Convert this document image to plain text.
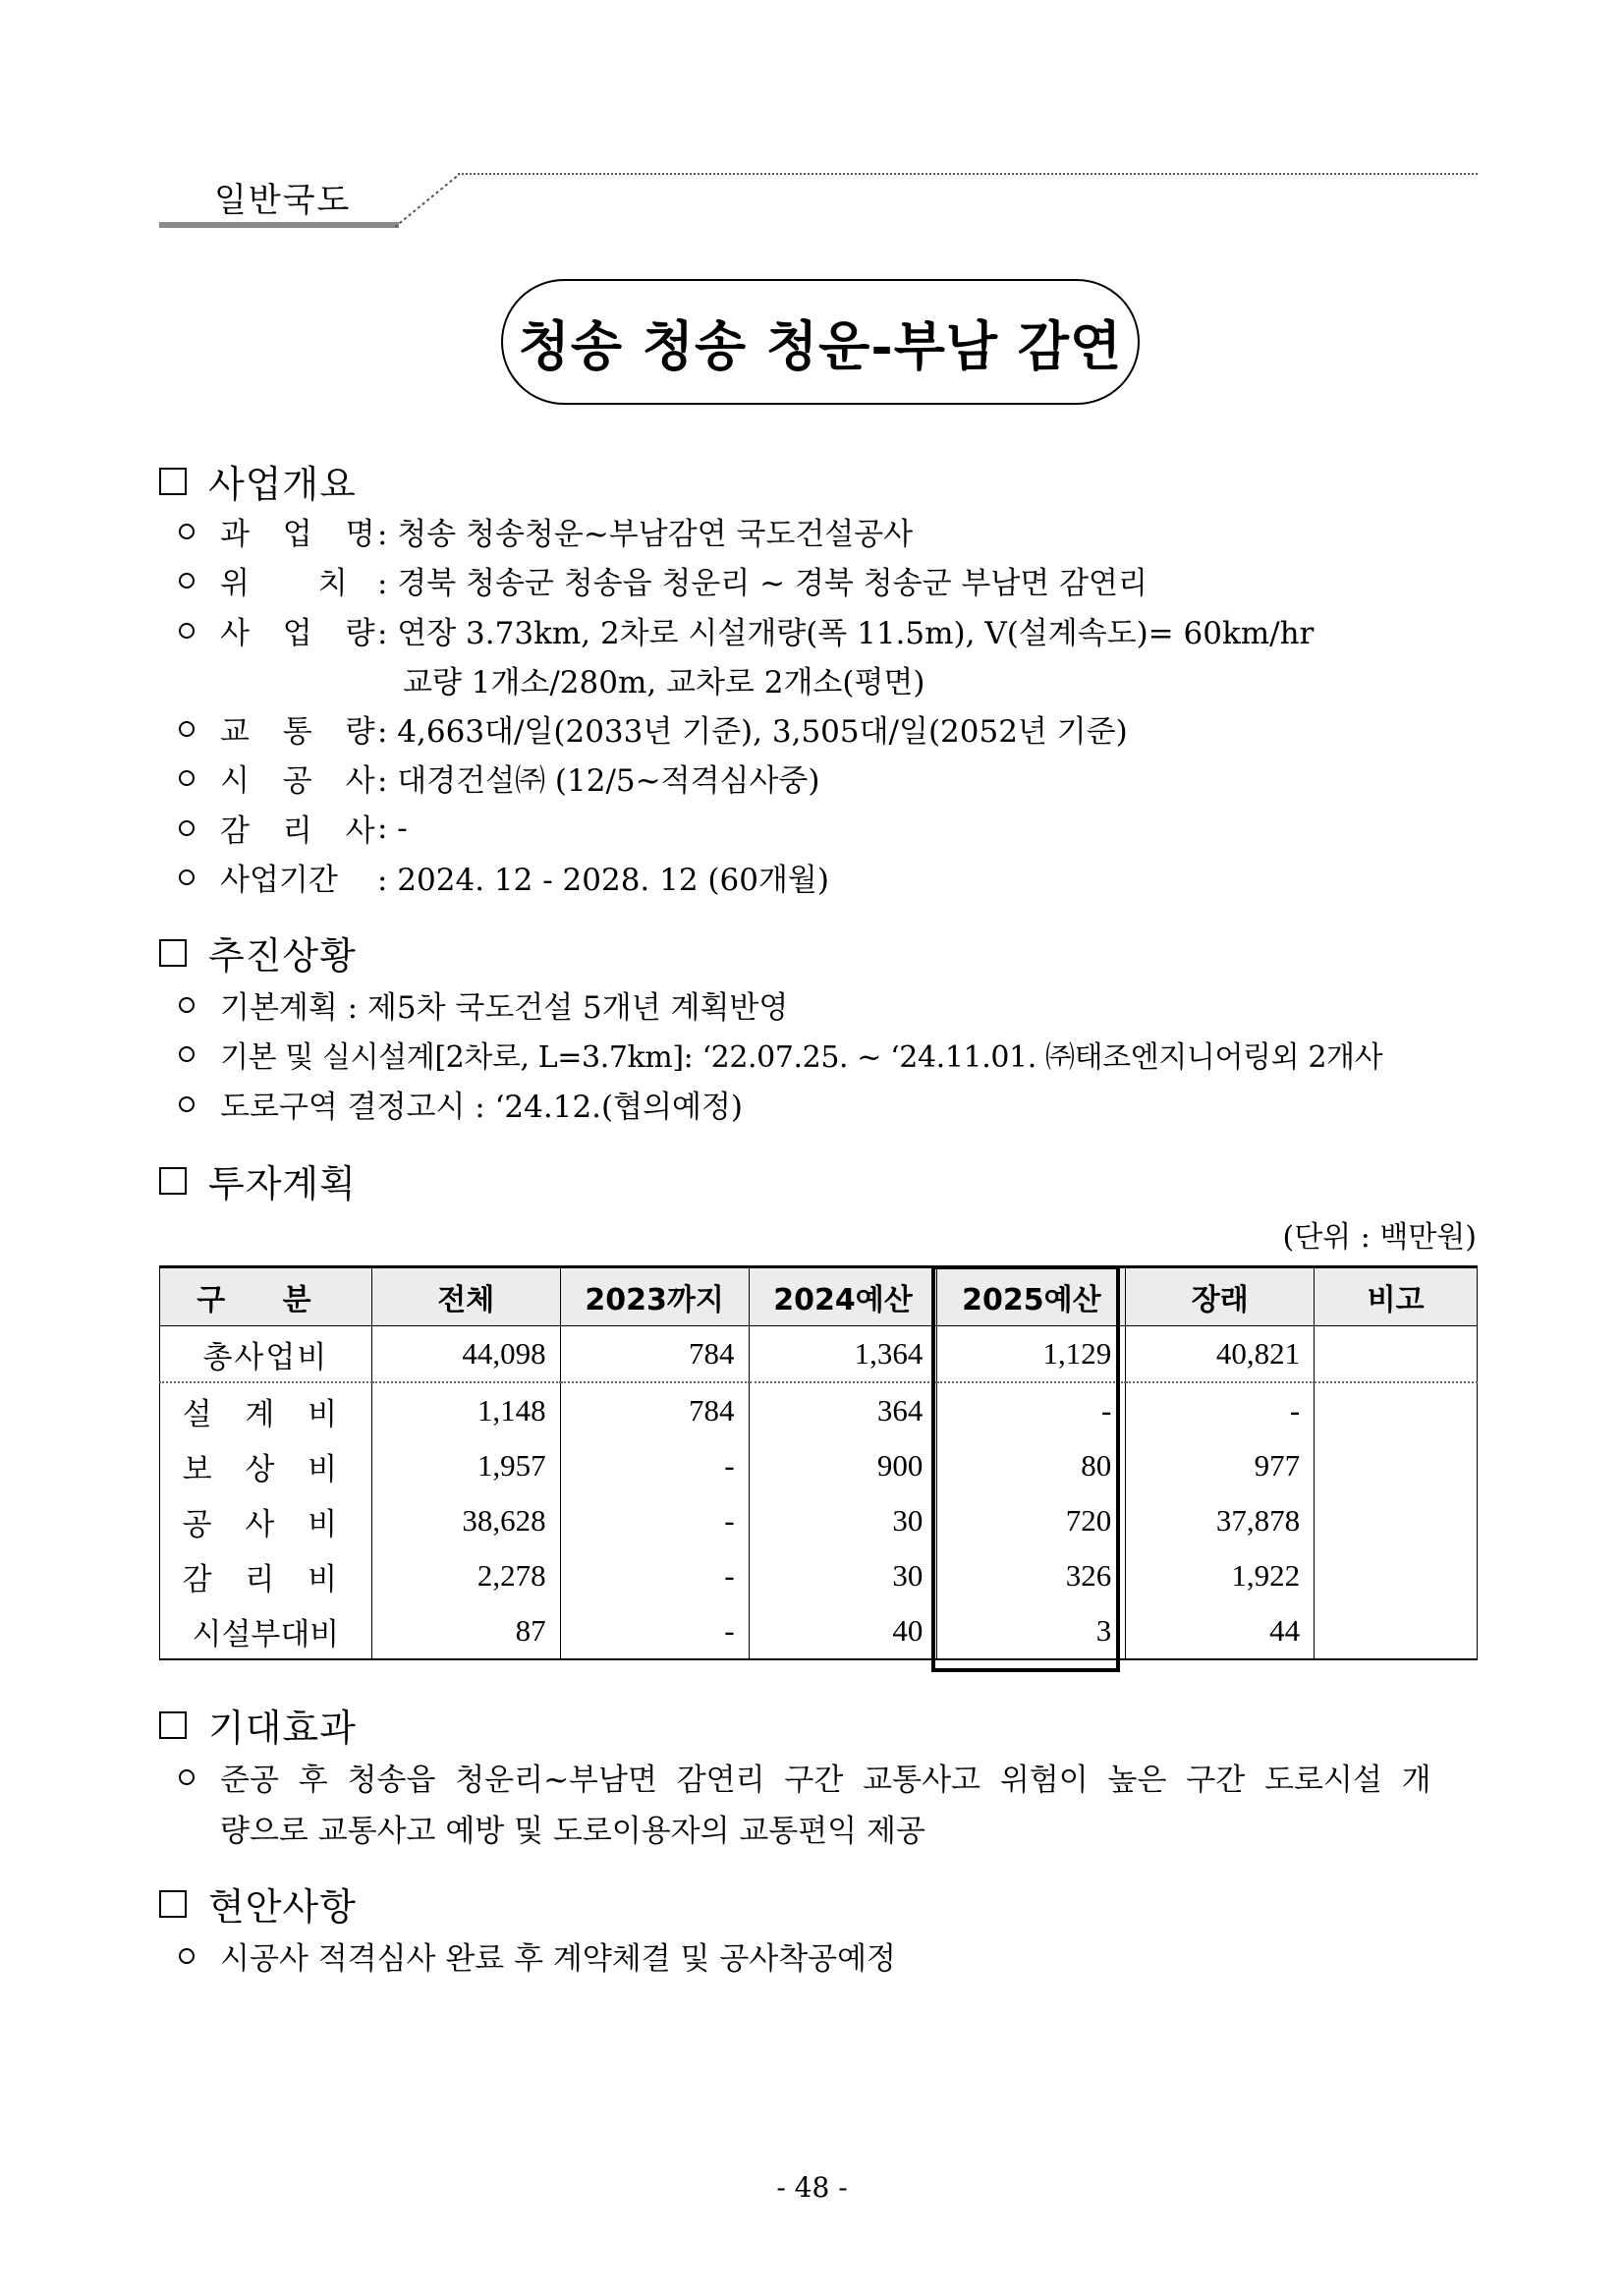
일반국도
청송 청송 청운-부남 감연
사업개요
과 업 명
: 청송 청송청운~부남감연 국도건설공사
위 치 : 경북 청송군 청송읍 청운리 ~ 경북 청송군 부남면 감연리
사 업 량
: 연장 3.73km, 2차로 시설개량(폭 11.5m), V(설계속도)= 60km/hr
교량 1개소/280m, 교차로 2개소(평면)
교 통 량
: 4,663대/일(2033년 기준), 3,505대/일(2052년 기준)
시 공 사
: 대경건설㈜ (12/5~적격심사중)
감 리 사
: -
사업기간	: 2024. 12 - 2028. 12 (60개월)
추진상황
기본계획 : 제5차 국도건설 5개년 계획반영
기본 및 실시설계[2차로, L=3.7km]: ‘22.07.25. ~ ‘24.11.01. ㈜태조엔지니어링외 2개사
도로구역 결정고시 : ‘24.12.(협의예정)
투자계획
(단위 : 백만원)
구 분	전체	2023까지	2024예산	2025예산	장래	비고
총사업비	44,098	784	1,364	1,129	40,821	
설 계 비	1,148	784	364	-	-	
보 상 비	1,957	-	900	80	977	
공 사 비	38,628	-	30	720	37,878	
감 리 비	2,278	-	30	326	1,922	
시설부대비	87	-	40	3	44	
기대효과
준공 후 청송읍 청운리~부남면 감연리 구간 교통사고 위험이 높은 구간 도로시설 개
량으로 교통사고 예방 및 도로이용자의 교통편익 제공
현안사항
시공사 적격심사 완료 후 계약체결 및 공사착공예정
- 48 -
